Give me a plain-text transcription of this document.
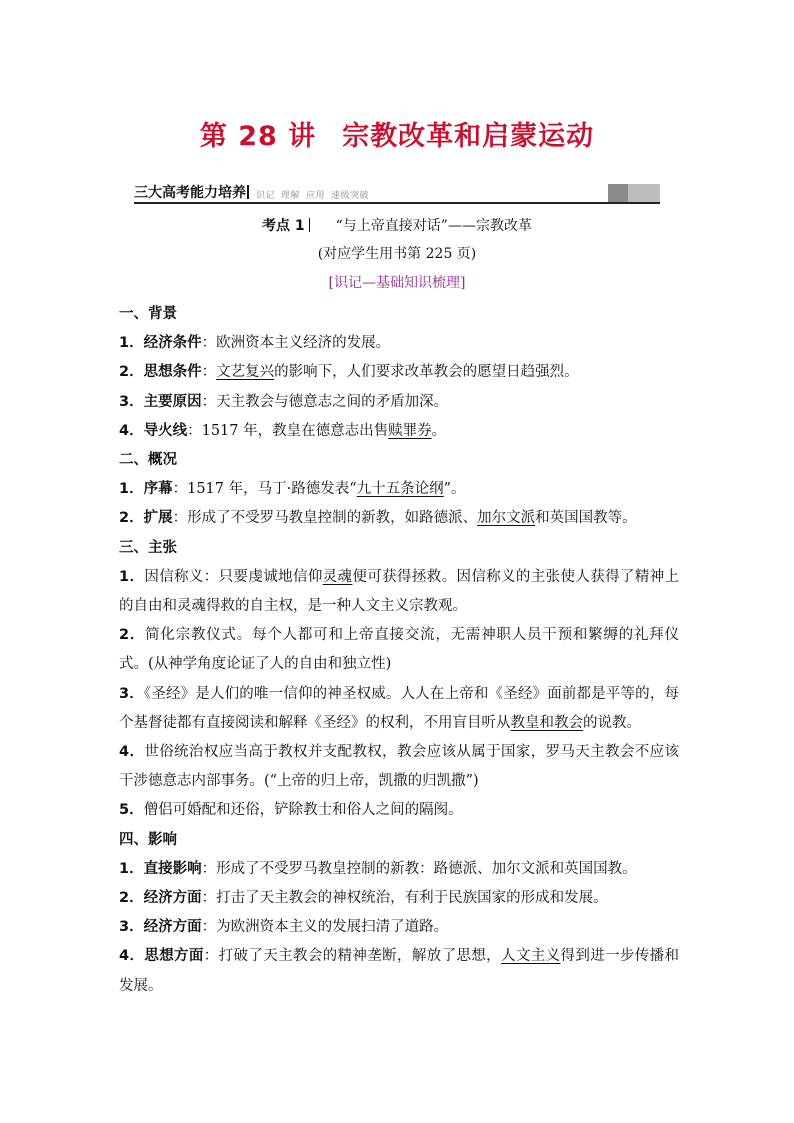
第 28 讲 宗教改革和启蒙运动
三大高考能力培养	识记 理解 应用 速级突破
考点 1 “与上帝直接对话”——宗教改革
(对应学生用书第 225 页)
[识记—基础知识梳理]

一、背景

1．经济条件：欧洲资本主义经济的发展。

2．思想条件：文艺复兴的影响下，人们要求改革教会的愿望日趋强烈。

3．主要原因：天主教会与德意志之间的矛盾加深。

4．导火线：1517 年，教皇在德意志出售赎罪券。

二、概况

1．序幕：1517 年，马丁·路德发表“九十五条论纲”。

2．扩展：形成了不受罗马教皇控制的新教，如路德派、加尔文派和英国国教等。

三、主张

1．因信称义：只要虔诚地信仰灵魂便可获得拯救。因信称义的主张使人获得了精神上的自由和灵魂得救的自主权，是一种人文主义宗教观。

2．简化宗教仪式。每个人都可和上帝直接交流，无需神职人员干预和繁缛的礼拜仪式。(从神学角度论证了人的自由和独立性)

3．《圣经》是人们的唯一信仰的神圣权威。人人在上帝和《圣经》面前都是平等的，每个基督徒都有直接阅读和解释《圣经》的权利，不用盲目听从教皇和教会的说教。

4．世俗统治权应当高于教权并支配教权，教会应该从属于国家，罗马天主教会不应该干涉德意志内部事务。(“上帝的归上帝，凯撒的归凯撒”)

5．僧侣可婚配和还俗，铲除教士和俗人之间的隔阂。

四、影响

1．直接影响：形成了不受罗马教皇控制的新教：路德派、加尔文派和英国国教。

2．经济方面：打击了天主教会的神权统治，有利于民族国家的形成和发展。

3．经济方面：为欧洲资本主义的发展扫清了道路。

4．思想方面：打破了天主教会的精神垄断，解放了思想，人文主义得到进一步传播和发展。
